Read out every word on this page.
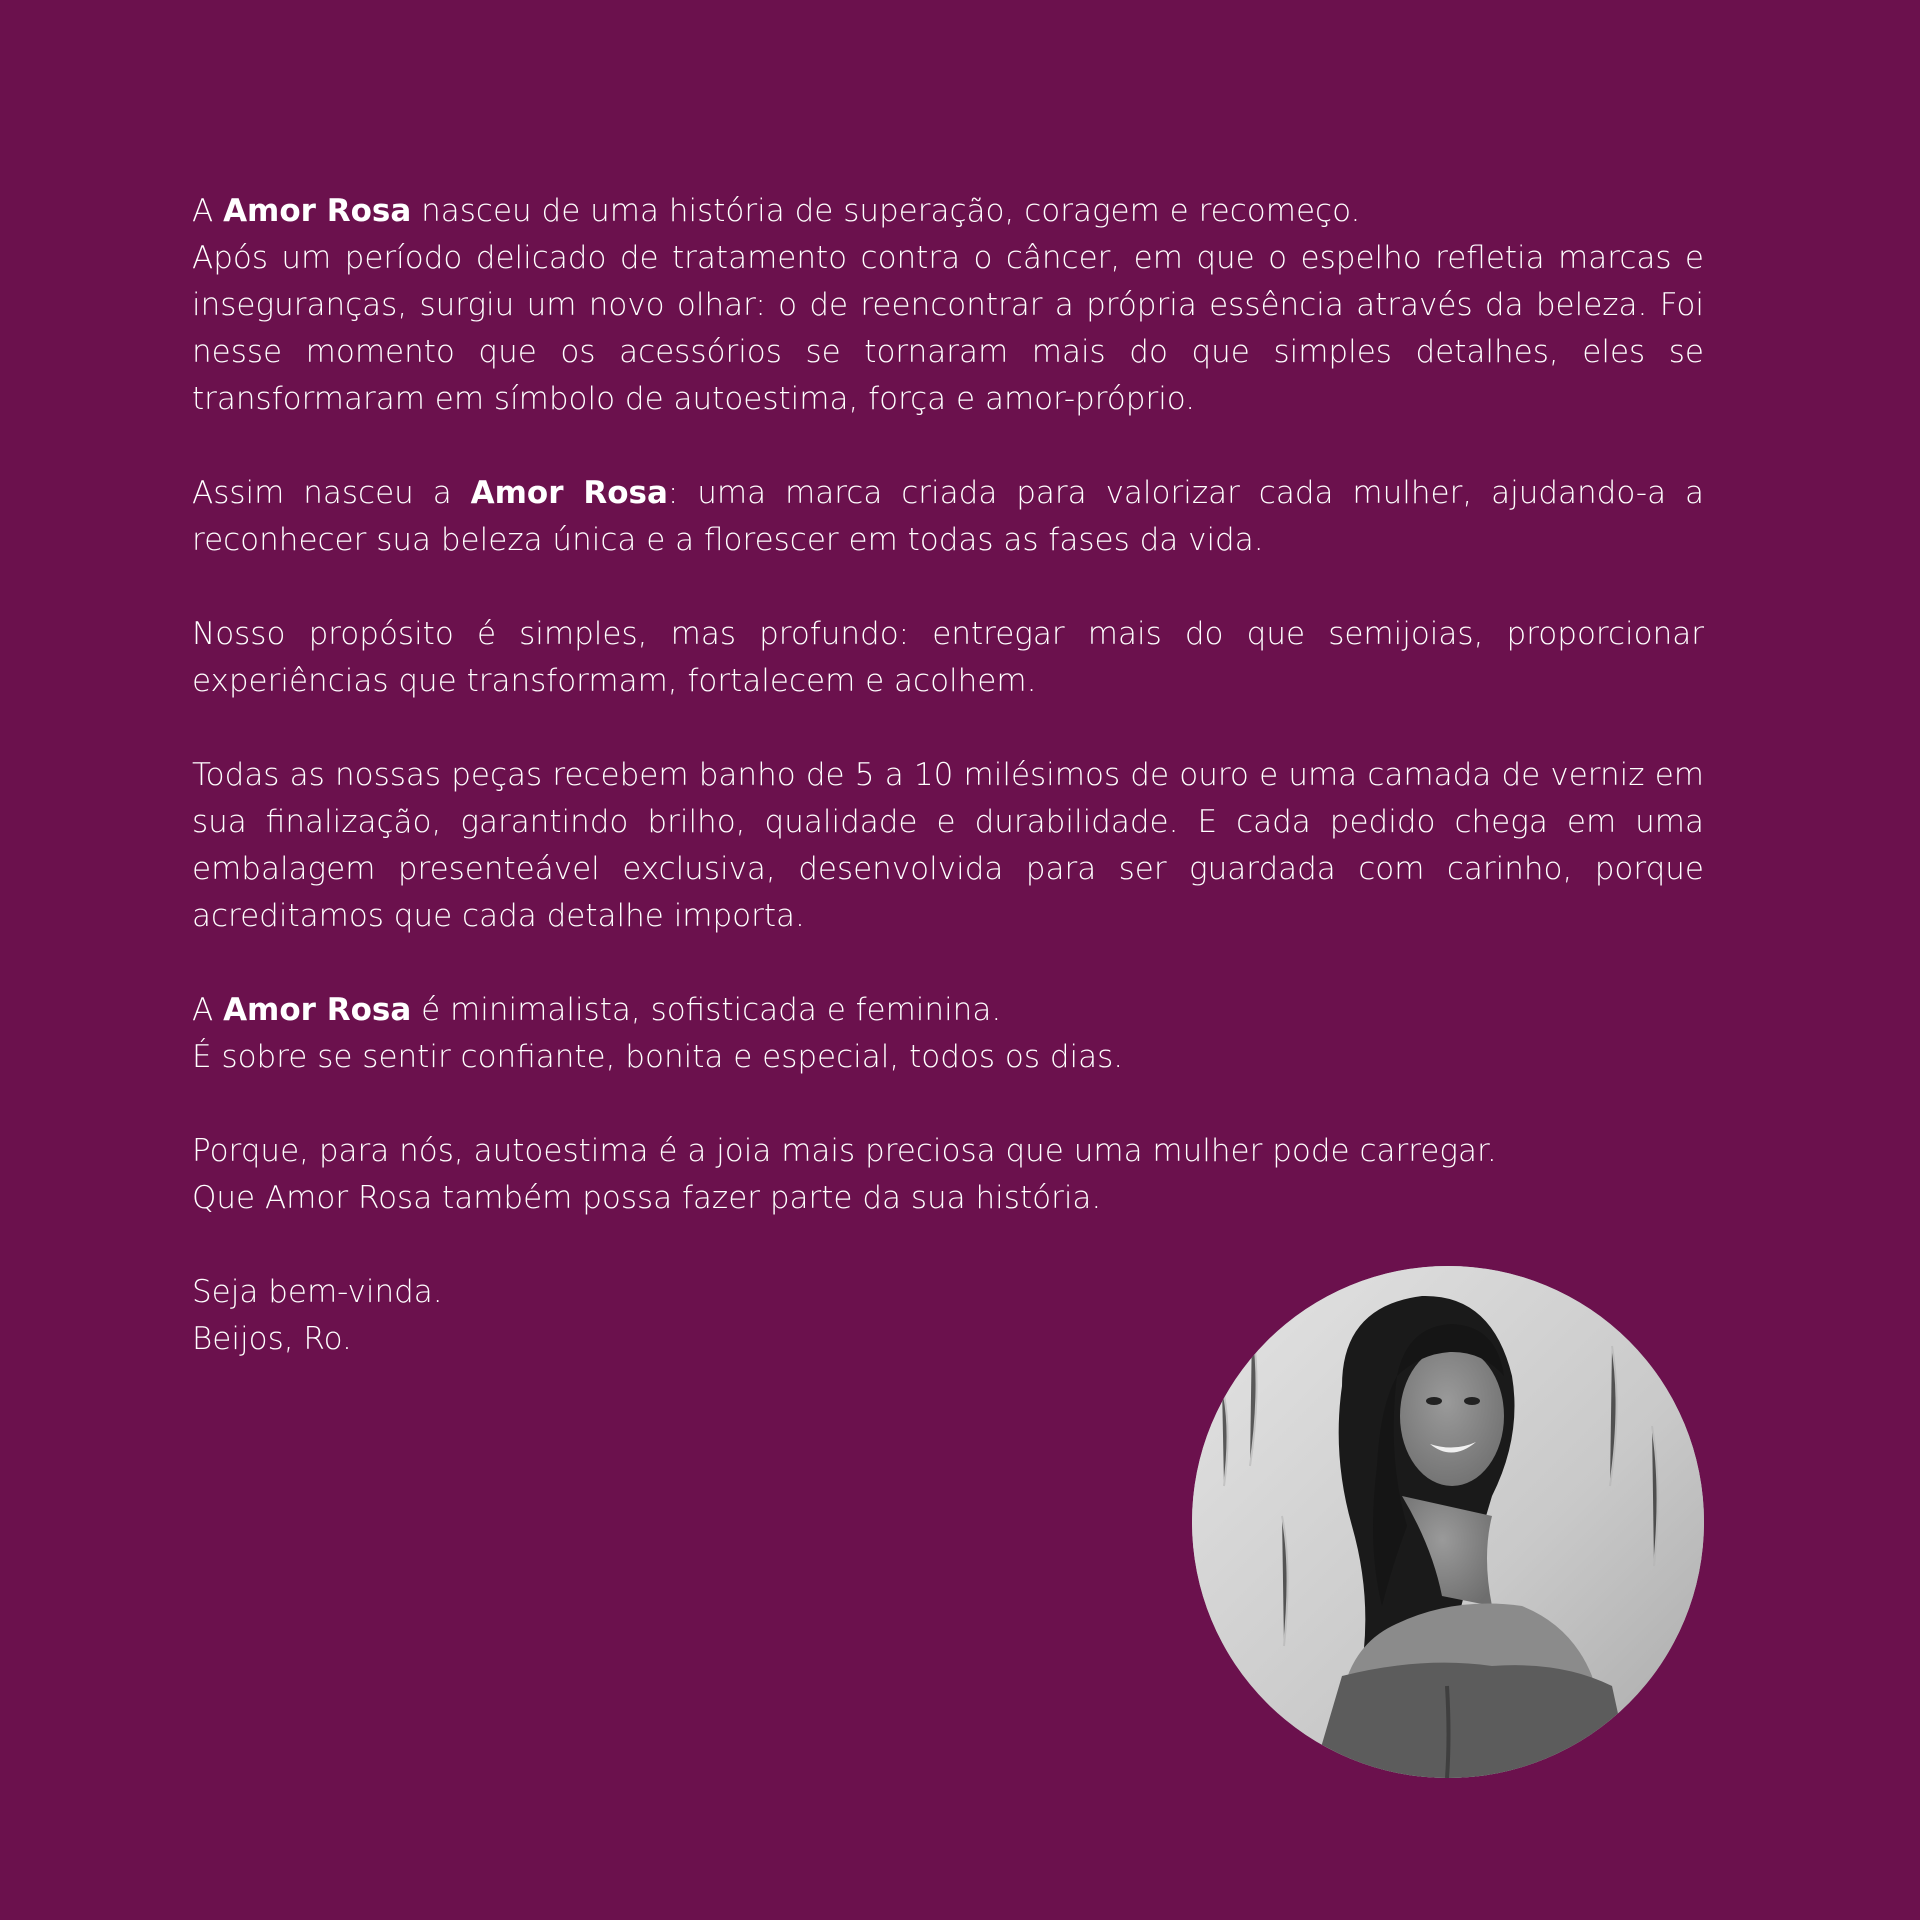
A Amor Rosa nasceu de uma história de superação, coragem e recomeço.
Após um período delicado de tratamento contra o câncer, em que o espelho refletia marcas e inseguranças, surgiu um novo olhar: o de reencontrar a própria essência através da beleza. Foi nesse momento que os acessórios se tornaram mais do que simples detalhes, eles se transformaram em símbolo de autoestima, força e amor-próprio.

Assim nasceu a Amor Rosa: uma marca criada para valorizar cada mulher, ajudando-a a reconhecer sua beleza única e a florescer em todas as fases da vida.

Nosso propósito é simples, mas profundo: entregar mais do que semijoias, proporcionar experiências que transformam, fortalecem e acolhem.

Todas as nossas peças recebem banho de 5 a 10 milésimos de ouro e uma camada de verniz em sua finalização, garantindo brilho, qualidade e durabilidade. E cada pedido chega em uma embalagem presenteável exclusiva, desenvolvida para ser guardada com carinho, porque acreditamos que cada detalhe importa.

A Amor Rosa é minimalista, sofisticada e feminina.
É sobre se sentir confiante, bonita e especial, todos os dias.

Porque, para nós, autoestima é a joia mais preciosa que uma mulher pode carregar.
Que Amor Rosa também possa fazer parte da sua história.

Seja bem-vinda.
Beijos, Ro.
